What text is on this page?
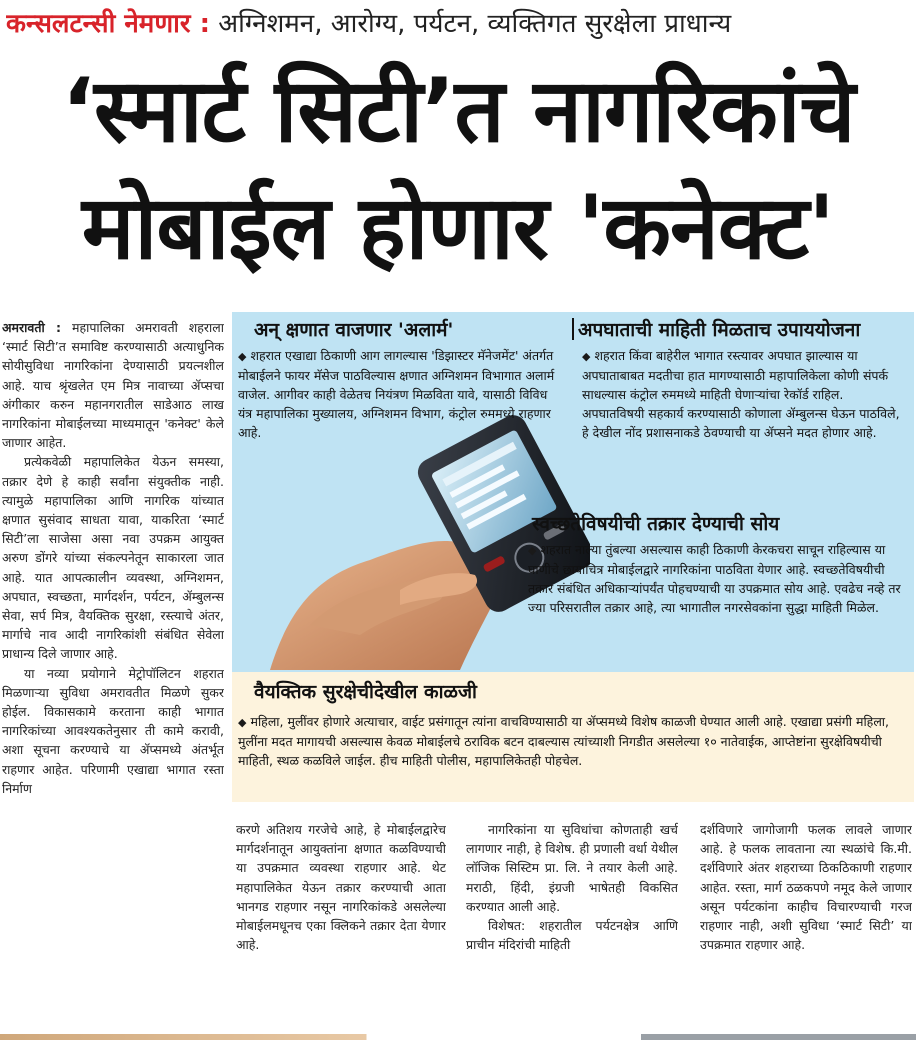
कन्सलटन्सी नेमणार : अग्निशमन, आरोग्य, पर्यटन, व्यक्तिगत सुरक्षेला प्राधान्य
‘स्मार्ट सिटी’त नागरिकांचे
मोबाईल होणार 'कनेक्ट'

अमरावती : महापालिका अमरावती शहराला ‘स्मार्ट सिटी’त समाविष्ट करण्यासाठी अत्याधुनिक सोयीसुविधा नागरिकांना देण्यासाठी प्रयत्नशील आहे. याच श्रृंखलेत एम मित्र नावाच्या ॲप्सचा अंगीकार करुन महानगरातील साडेआठ लाख नागरिकांना मोबाईलच्या माध्यमातून 'कनेक्ट' केले जाणार आहेत.

प्रत्येकवेळी महापालिकेत येऊन समस्या, तक्रार देणे हे काही सर्वांना संयुक्तीक नाही. त्यामुळे महापालिका आणि नागरिक यांच्यात क्षणात सुसंवाद साधता यावा, याकरिता ‘स्मार्ट सिटी’ला साजेसा असा नवा उपक्रम आयुक्त अरुण डोंगरे यांच्या संकल्पनेतून साकारला जात आहे. यात आपत्कालीन व्यवस्था, अग्निशमन, अपघात, स्वच्छता, मार्गदर्शन, पर्यटन, ॲम्बुलन्स सेवा, सर्प मित्र, वैयक्तिक सुरक्षा, रस्त्याचे अंतर, मार्गाचे नाव आदी नागरिकांशी संबंधित सेवेला प्राधान्य दिले जाणार आहे.

या नव्या प्रयोगाने मेट्रोपॉलिटन शहरात मिळणाऱ्या सुविधा अमरावतीत मिळणे सुकर होईल. विकासकामे करताना काही भागात नागरिकांच्या आवश्यकतेनुसार ती कामे करावी, अशा सूचना करण्याचे या ॲप्समध्ये अंतर्भूत राहणार आहेत. परिणामी एखाद्या भागात रस्ता निर्माण

अन् क्षणात वाजणार 'अलार्म'
◆ शहरात एखाद्या ठिकाणी आग लागल्यास 'डिझास्टर मॅनेजमेंट' अंतर्गत मोबाईलने फायर मॅसेज पाठविल्यास क्षणात अग्निशमन विभागात अलार्म वाजेल. आगीवर काही वेळेतच नियंत्रण मिळविता यावे, यासाठी विविध यंत्र महापालिका मुख्यालय, अग्निशमन विभाग, कंट्रोल रुममध्ये राहणार आहे.
अपघाताची माहिती मिळताच उपाययोजना
◆ शहरात किंवा बाहेरील भागात रस्त्यावर अपघात झाल्यास या अपघाताबाबत मदतीचा हात मागण्यासाठी महापालिकेला कोणी संपर्क साधल्यास कंट्रोल रुममध्ये माहिती घेणाऱ्यांचा रेकॉर्ड राहिल. अपघातविषयी सहकार्य करण्यासाठी कोणाला ॲम्बुलन्स घेऊन पाठविले, हे देखील नोंद प्रशासनाकडे ठेवण्याची या ॲप्सने मदत होणार आहे.
स्वच्छतेविषयीची तक्रार देण्याची सोय
◆ शहरात नाल्या तुंबल्या असल्यास काही ठिकाणी केरकचरा साचून राहिल्यास या घाणीचे छायाचित्र मोबाईलद्वारे नागरिकांना पाठविता येणार आहे. स्वच्छतेविषयीची तक्रार संबंधित अधिकाऱ्यांपर्यंत पोहचण्याची या उपक्रमात सोय आहे. एवढेच नव्हे तर ज्या परिसरातील तक्रार आहे, त्या भागातील नगरसेवकांना सुद्धा माहिती मिळेल.
वैयक्तिक सुरक्षेचीदेखील काळजी
◆ महिला, मुलींवर होणारे अत्याचार, वाईट प्रसंगातून त्यांना वाचविण्यासाठी या ॲप्समध्ये विशेष काळजी घेण्यात आली आहे. एखाद्या प्रसंगी महिला, मुलींना मदत मागायची असल्यास केवळ मोबाईलचे ठराविक बटन दाबल्यास त्यांच्याशी निगडीत असलेल्या १० नातेवाईक, आप्तेष्टांना सुरक्षेविषयीची माहिती, स्थळ कळविले जाईल. हीच माहिती पोलीस, महापालिकेतही पोहचेल.

करणे अतिशय गरजेचे आहे, हे मोबाईलद्वारेच मार्गदर्शनातून आयुक्तांना क्षणात कळविण्याची या उपक्रमात व्यवस्था राहणार आहे. थेट महापालिकेत येऊन तक्रार करण्याची आता भानगड राहणार नसून नागरिकांकडे असलेल्या मोबाईलमधूनच एका क्लिकने तक्रार देता येणार आहे.

नागरिकांना या सुविधांचा कोणताही खर्च लागणार नाही, हे विशेष. ही प्रणाली वर्धा येथील लॉजिक सिस्टिम प्रा. लि. ने तयार केली आहे. मराठी, हिंदी, इंग्रजी भाषेतही विकसित करण्यात आली आहे.

विशेषत: शहरातील पर्यटनक्षेत्र आणि प्राचीन मंदिरांची माहिती

दर्शविणारे जागोजागी फलक लावले जाणार आहे. हे फलक लावताना त्या स्थळांचे कि.मी. दर्शविणारे अंतर शहराच्या ठिकठिकाणी राहणार आहेत. रस्ता, मार्ग ठळकपणे नमूद केले जाणार असून पर्यटकांना काहीच विचारण्याची गरज राहणार नाही, अशी सुविधा ‘स्मार्ट सिटी’ या उपक्रमात राहणार आहे.
